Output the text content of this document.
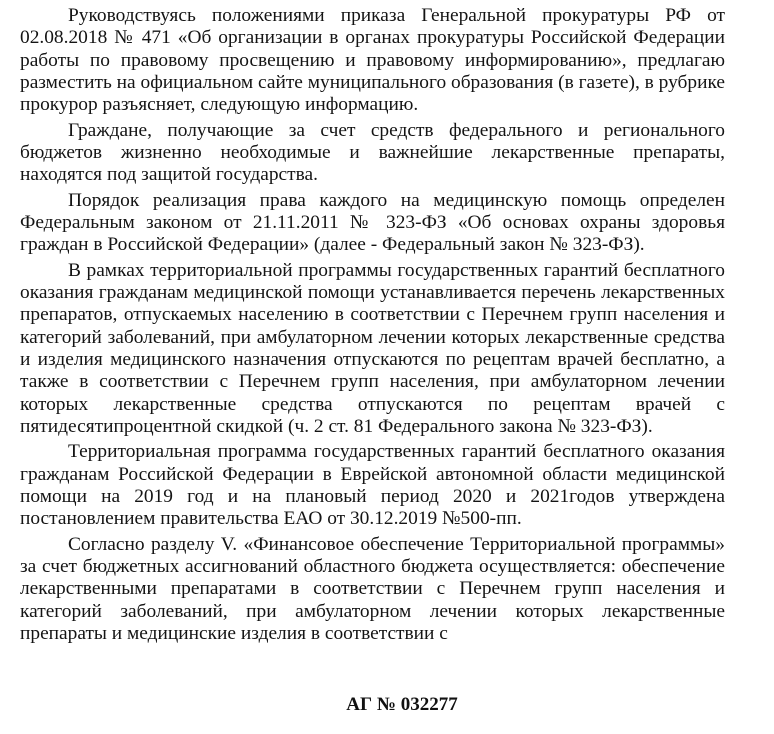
Руководствуясь положениями приказа Генеральной прокуратуры РФ от 02.08.2018 № 471 «Об организации в органах прокуратуры Российской Федерации работы по правовому просвещению и правовому информированию», предлагаю разместить на официальном сайте муниципального образования (в газете), в рубрике прокурор разъясняет, следующую информацию.

Граждане, получающие за счет средств федерального и регионального бюджетов жизненно необходимые и важнейшие лекарственные препараты, находятся под защитой государства.

Порядок реализация права каждого на медицинскую помощь определен Федеральным законом от 21.11.2011 № 323-ФЗ «Об основах охраны здоровья граждан в Российской Федерации» (далее - Федеральный закон № 323-ФЗ).

В рамках территориальной программы государственных гарантий бесплатного оказания гражданам медицинской помощи устанавливается перечень лекарственных препаратов, отпускаемых населению в соответствии с Перечнем групп населения и категорий заболеваний, при амбулаторном лечении которых лекарственные средства и изделия медицинского назначения отпускаются по рецептам врачей бесплатно, а также в соответствии с Перечнем групп населения, при амбулаторном лечении которых лекарственные средства отпускаются по рецептам врачей с пятидесятипроцентной скидкой (ч. 2 ст. 81 Федерального закона № 323-ФЗ).

Территориальная программа государственных гарантий бесплатного оказания гражданам Российской Федерации в Еврейской автономной области медицинской помощи на 2019 год и на плановый период 2020 и 2021годов утверждена постановлением правительства ЕАО от 30.12.2019 №500-пп.

Согласно разделу V. «Финансовое обеспечение Территориальной программы» за счет бюджетных ассигнований областного бюджета осуществляется: обеспечение лекарственными препаратами в соответствии с Перечнем групп населения и категорий заболеваний, при амбулаторном лечении которых лекарственные препараты и медицинские изделия в соответствии с

АГ № 032277
